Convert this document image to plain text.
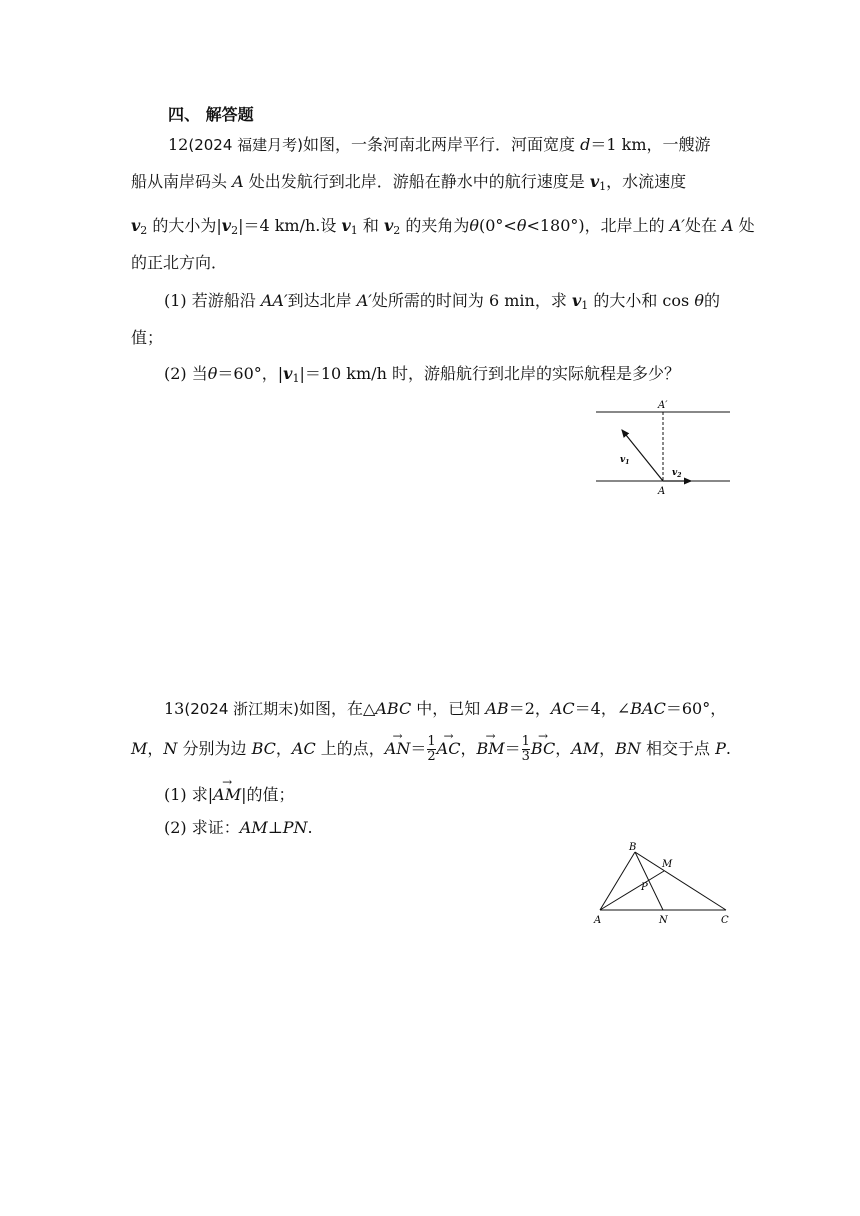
四、 解答题
12(2024 福建月考)如图，一条河南北两岸平行．河面宽度 d＝1 km，一艘游
船从南岸码头 A 处出发航行到北岸．游船在静水中的航行速度是 $v_1$，水流速度
$v_2$ 的大小为$|v_2|=4$ km/h.设 $v_1$ 和 $v_2$ 的夹角为θ(0°<θ<180°)，北岸上的 A′处在 A 处
的正北方向．
(1) 若游船沿 AA′到达北岸 A′处所需的时间为 6 min，求 $v_1$ 的大小和 cos θ的
值；
(2) 当θ＝60°，$|v_1|=10$ km/h 时，游船航行到北岸的实际航程是多少？
A′
A
$v_1$
$v_2$
13(2024 浙江期末)如图，在△ABC 中，已知 AB＝2，AC＝4，∠BAC＝60°，
M，N 分别为边 BC，AC 上的点，→ $AN= \frac{1}{2}$ → AC，→ $BM= \frac{1}{3}$ → BC，AM，BN 相交于点 P.
(1) 求|→ AM|的值；
(2) 求证：AM⊥PN.
B
M
P
A	N	C
